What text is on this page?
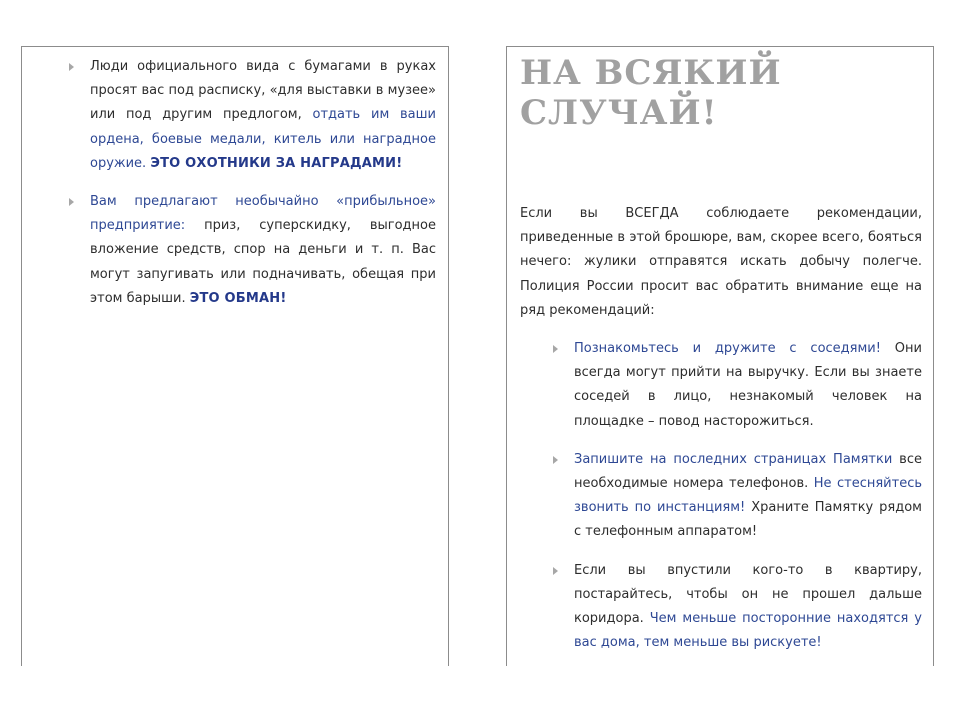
Люди официального вида с бумагами в руках просят вас под расписку, «для выставки в музее» или под другим предлогом, отдать им ваши ордена, боевые медали, китель или наградное оружие. ЭТО ОХОТНИКИ ЗА НАГРАДАМИ!
Вам предлагают необычайно «прибыльное» предприятие: приз, суперскидку, выгодное вложение средств, спор на деньги и т. п. Вас могут запугивать или подначивать, обещая при этом барыши. ЭТО ОБМАН!
НА ВСЯКИЙ
СЛУЧАЙ!

Если вы ВСЕГДА соблюдаете рекомендации, приведенные в этой брошюре, вам, скорее всего, бояться нечего: жулики отправятся искать добычу полегче. Полиция России просит вас обратить внимание еще на ряд рекомендаций:

Познакомьтесь и дружите с соседями! Они всегда могут прийти на выручку. Если вы знаете соседей в лицо, незнакомый человек на площадке – повод насторожиться.
Запишите на последних страницах Памятки все необходимые номера телефонов. Не стесняйтесь звонить по инстанциям! Храните Памятку рядом с телефонным аппаратом!
Если вы впустили кого-то в квартиру, постарайтесь, чтобы он не прошел дальше коридора. Чем меньше посторонние находятся у вас дома, тем меньше вы рискуете!
